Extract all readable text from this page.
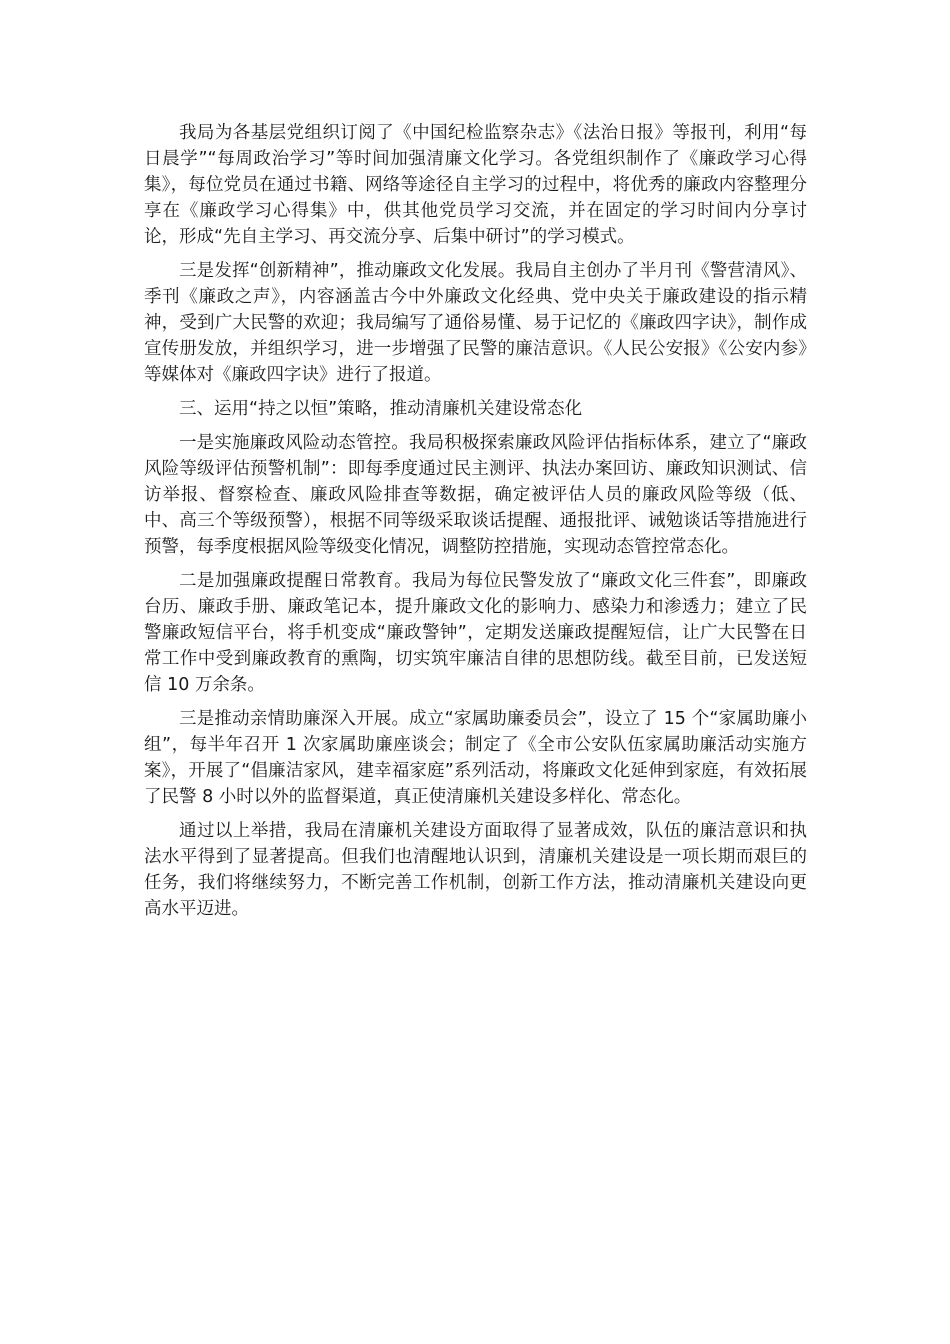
我局为各基层党组织订阅了《中国纪检监察杂志》《法治日报》等报刊，利用“每日晨学”“每周政治学习”等时间加强清廉文化学习。各党组织制作了《廉政学习心得集》，每位党员在通过书籍、网络等途径自主学习的过程中，将优秀的廉政内容整理分享在《廉政学习心得集》中，供其他党员学习交流，并在固定的学习时间内分享讨论，形成“先自主学习、再交流分享、后集中研讨”的学习模式。

三是发挥“创新精神”，推动廉政文化发展。我局自主创办了半月刊《警营清风》、季刊《廉政之声》，内容涵盖古今中外廉政文化经典、党中央关于廉政建设的指示精神，受到广大民警的欢迎；我局编写了通俗易懂、易于记忆的《廉政四字诀》，制作成宣传册发放，并组织学习，进一步增强了民警的廉洁意识。《人民公安报》《公安内参》等媒体对《廉政四字诀》进行了报道。

三、运用“持之以恒”策略，推动清廉机关建设常态化

一是实施廉政风险动态管控。我局积极探索廉政风险评估指标体系，建立了“廉政风险等级评估预警机制”：即每季度通过民主测评、执法办案回访、廉政知识测试、信访举报、督察检查、廉政风险排查等数据，确定被评估人员的廉政风险等级（低、中、高三个等级预警），根据不同等级采取谈话提醒、通报批评、诫勉谈话等措施进行预警，每季度根据风险等级变化情况，调整防控措施，实现动态管控常态化。

二是加强廉政提醒日常教育。我局为每位民警发放了“廉政文化三件套”，即廉政台历、廉政手册、廉政笔记本，提升廉政文化的影响力、感染力和渗透力；建立了民警廉政短信平台，将手机变成“廉政警钟”，定期发送廉政提醒短信，让广大民警在日常工作中受到廉政教育的熏陶，切实筑牢廉洁自律的思想防线。截至目前，已发送短信 10 万余条。

三是推动亲情助廉深入开展。成立“家属助廉委员会”，设立了 15 个“家属助廉小组”，每半年召开 1 次家属助廉座谈会；制定了《全市公安队伍家属助廉活动实施方案》，开展了“倡廉洁家风，建幸福家庭”系列活动，将廉政文化延伸到家庭，有效拓展了民警 8 小时以外的监督渠道，真正使清廉机关建设多样化、常态化。

通过以上举措，我局在清廉机关建设方面取得了显著成效，队伍的廉洁意识和执法水平得到了显著提高。但我们也清醒地认识到，清廉机关建设是一项长期而艰巨的任务，我们将继续努力，不断完善工作机制，创新工作方法，推动清廉机关建设向更高水平迈进。
